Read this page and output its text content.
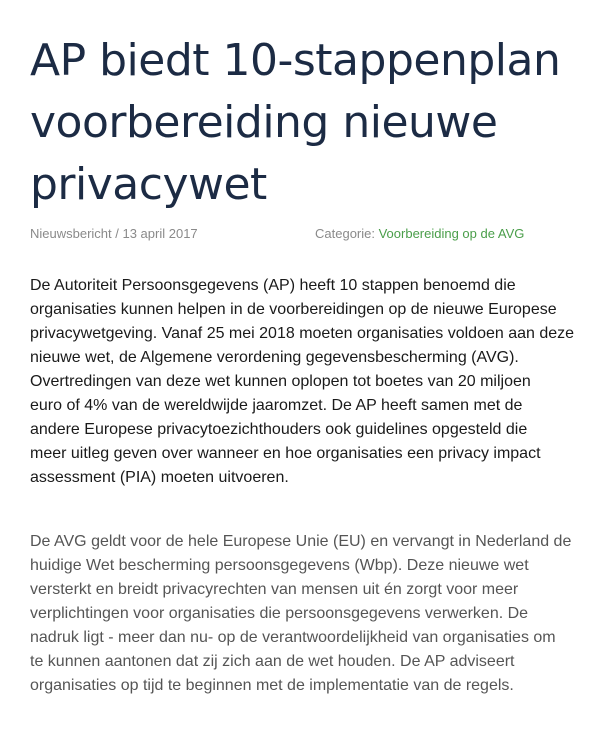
AP biedt 10-stappenplan
voorbereiding nieuwe
privacywet
Nieuwsbericht / 13 april 2017	Categorie: Voorbereiding op de AVG

De Autoriteit Persoonsgegevens (AP) heeft 10 stappen benoemd die
organisaties kunnen helpen in de voorbereidingen op de nieuwe Europese
privacywetgeving. Vanaf 25 mei 2018 moeten organisaties voldoen aan deze
nieuwe wet, de Algemene verordening gegevensbescherming (AVG).
Overtredingen van deze wet kunnen oplopen tot boetes van 20 miljoen
euro of 4% van de wereldwijde jaaromzet. De AP heeft samen met de
andere Europese privacytoezichthouders ook guidelines opgesteld die
meer uitleg geven over wanneer en hoe organisaties een privacy impact
assessment (PIA) moeten uitvoeren.

De AVG geldt voor de hele Europese Unie (EU) en vervangt in Nederland de
huidige Wet bescherming persoonsgegevens (Wbp). Deze nieuwe wet
versterkt en breidt privacyrechten van mensen uit én zorgt voor meer
verplichtingen voor organisaties die persoonsgegevens verwerken. De
nadruk ligt - meer dan nu- op de verantwoordelijkheid van organisaties om
te kunnen aantonen dat zij zich aan de wet houden. De AP adviseert
organisaties op tijd te beginnen met de implementatie van de regels.
